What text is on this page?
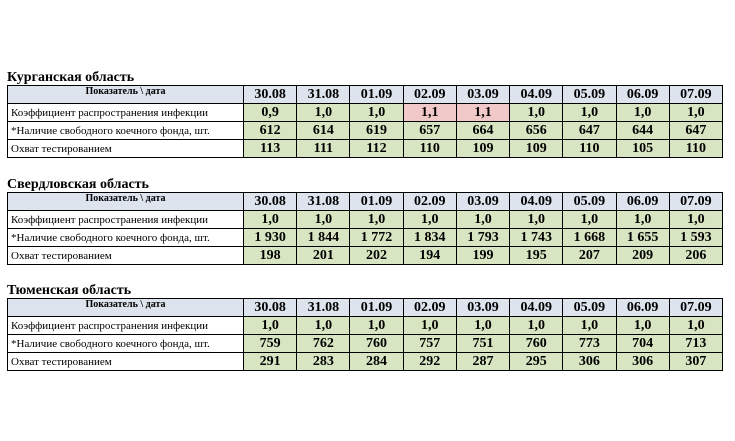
Курганская область
Показатель \ дата	30.08	31.08	01.09	02.09	03.09	04.09	05.09	06.09	07.09
Коэффициент распространения инфекции	0,9	1,0	1,0	1,1	1,1	1,0	1,0	1,0	1,0
*Наличие свободного коечного фонда, шт.	612	614	619	657	664	656	647	644	647
Охват тестированием	113	111	112	110	109	109	110	105	110
Свердловская область
Показатель \ дата	30.08	31.08	01.09	02.09	03.09	04.09	05.09	06.09	07.09
Коэффициент распространения инфекции	1,0	1,0	1,0	1,0	1,0	1,0	1,0	1,0	1,0
*Наличие свободного коечного фонда, шт.	1 930	1 844	1 772	1 834	1 793	1 743	1 668	1 655	1 593
Охват тестированием	198	201	202	194	199	195	207	209	206
Тюменская область
Показатель \ дата	30.08	31.08	01.09	02.09	03.09	04.09	05.09	06.09	07.09
Коэффициент распространения инфекции	1,0	1,0	1,0	1,0	1,0	1,0	1,0	1,0	1,0
*Наличие свободного коечного фонда, шт.	759	762	760	757	751	760	773	704	713
Охват тестированием	291	283	284	292	287	295	306	306	307
